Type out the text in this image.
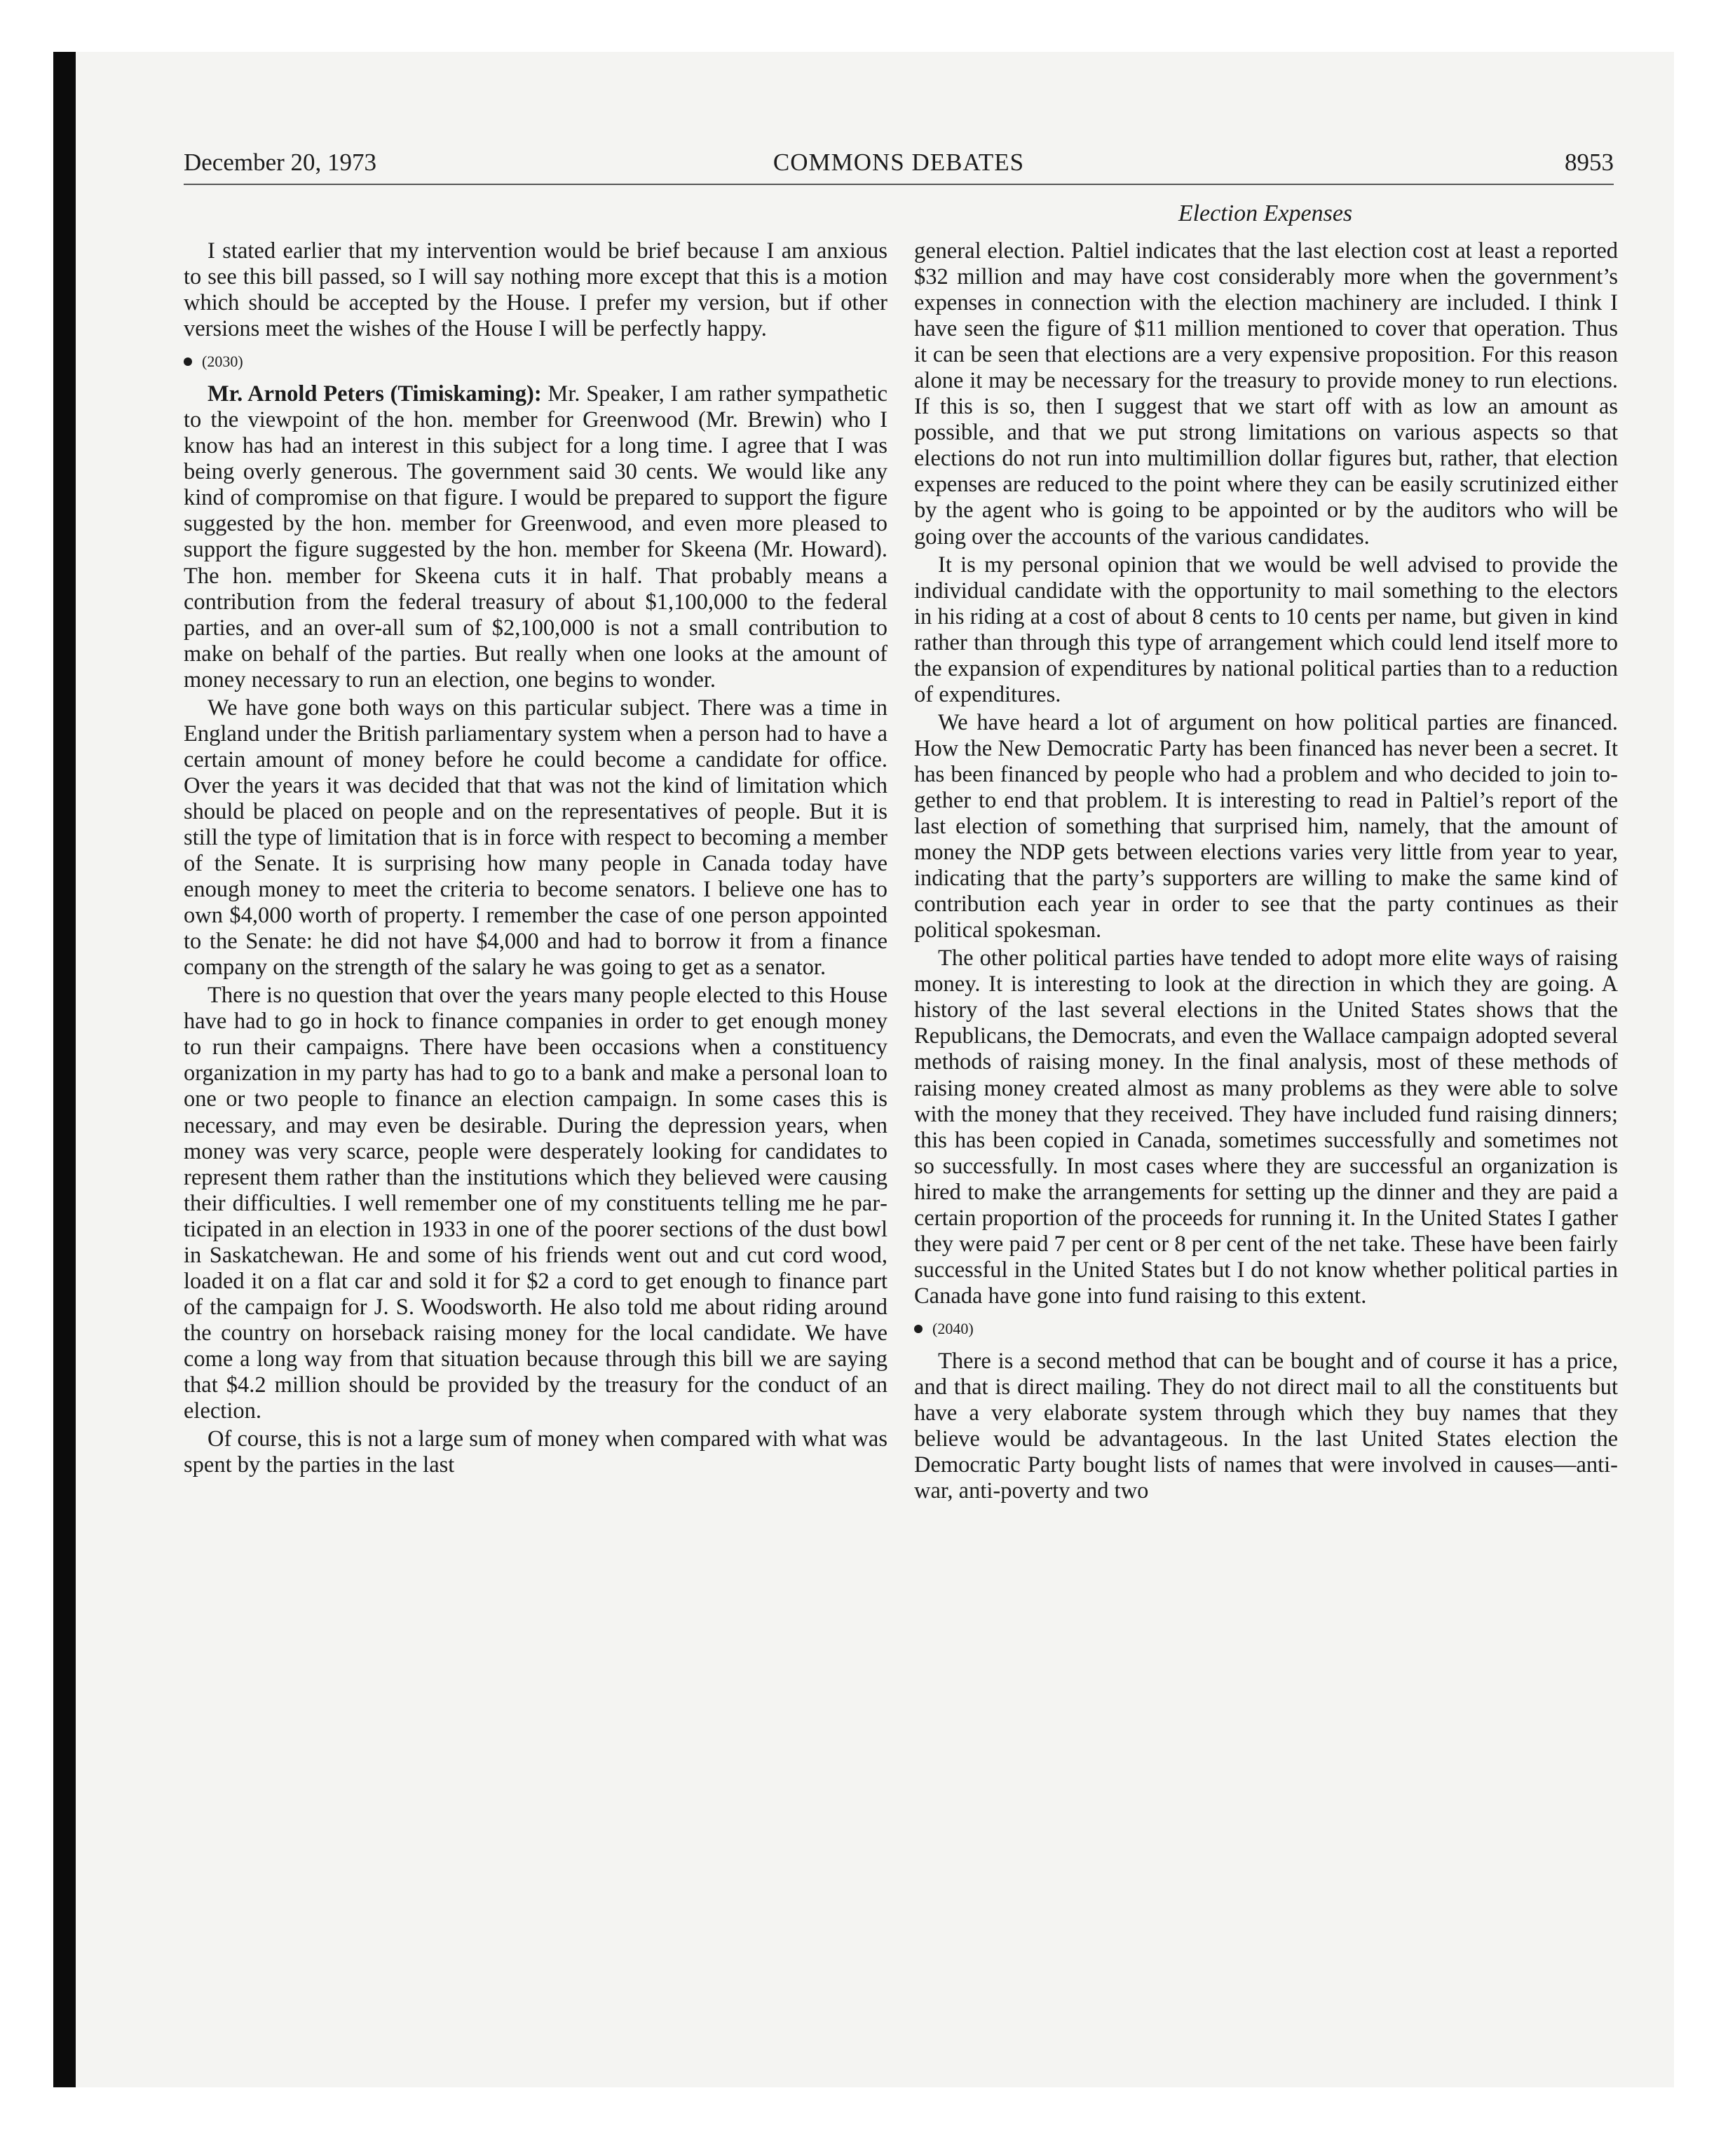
COMMONS DEBATES
December 20, 1973	8953
Election Expenses

I stated earlier that my intervention would be brief because I am anxious to see this bill passed, so I will say nothing more except that this is a motion which should be accepted by the House. I prefer my version, but if other versions meet the wishes of the House I will be perfectly happy.

(2030)

Mr. Arnold Peters (Timiskaming): Mr. Speaker, I am rather sympathetic to the viewpoint of the hon. member for Greenwood (Mr. Brewin) who I know has had an interest in this subject for a long time. I agree that I was being overly generous. The government said 30 cents. We would like any kind of compromise on that figure. I would be prepared to support the figure suggested by the hon. member for Greenwood, and even more pleased to support the figure suggested by the hon. member for Skeena (Mr. Howard). The hon. member for Skeena cuts it in half. That probably means a contribution from the federal treasury of about $1,100,000 to the federal parties, and an over-all sum of $2,100,000 is not a small contribution to make on behalf of the parties. But really when one looks at the amount of money necessary to run an election, one begins to wonder.

We have gone both ways on this particular subject. There was a time in England under the British parliamentary system when a person had to have a certain amount of money before he could become a candidate for office. Over the years it was decided that that was not the kind of limitation which should be placed on people and on the representatives of people. But it is still the type of limitation that is in force with respect to becoming a member of the Senate. It is surprising how many people in Canada today have enough money to meet the criteria to become senators. I believe one has to own $4,000 worth of property. I remember the case of one person appointed to the Senate: he did not have $4,000 and had to borrow it from a finance company on the strength of the salary he was going to get as a senator.

There is no question that over the years many people elected to this House have had to go in hock to finance companies in order to get enough money to run their campaigns. There have been occasions when a constituency organization in my party has had to go to a bank and make a personal loan to one or two people to finance an election campaign. In some cases this is necessary, and may even be desirable. During the depression years, when money was very scarce, people were desperately looking for candidates to represent them rather than the institutions which they believed were causing their difficulties. I well remember one of my constituents telling me he participated in an election in 1933 in one of the poorer sections of the dust bowl in Saskatchewan. He and some of his friends went out and cut cord wood, loaded it on a flat car and sold it for $2 a cord to get enough to finance part of the campaign for J. S. Woodsworth. He also told me about riding around the country on horseback raising money for the local candidate. We have come a long way from that situation because through this bill we are saying that $4.2 million should be provided by the treasury for the conduct of an election.

Of course, this is not a large sum of money when compared with what was spent by the parties in the last

general election. Paltiel indicates that the last election cost at least a reported $32 million and may have cost considerably more when the government’s expenses in connection with the election machinery are included. I think I have seen the figure of $11 million mentioned to cover that operation. Thus it can be seen that elections are a very expensive proposition. For this reason alone it may be necessary for the treasury to provide money to run elections. If this is so, then I suggest that we start off with as low an amount as possible, and that we put strong limitations on various aspects so that elections do not run into multimillion dollar figures but, rather, that election expenses are reduced to the point where they can be easily scrutinized either by the agent who is going to be appointed or by the auditors who will be going over the accounts of the various candidates.

It is my personal opinion that we would be well advised to provide the individual candidate with the opportunity to mail something to the electors in his riding at a cost of about 8 cents to 10 cents per name, but given in kind rather than through this type of arrangement which could lend itself more to the expansion of expenditures by national political parties than to a reduction of expenditures.

We have heard a lot of argument on how political parties are financed. How the New Democratic Party has been financed has never been a secret. It has been financed by people who had a problem and who decided to join together to end that problem. It is interesting to read in Paltiel’s report of the last election of something that surprised him, namely, that the amount of money the NDP gets between elections varies very little from year to year, indicating that the party’s supporters are willing to make the same kind of contribution each year in order to see that the party continues as their political spokesman.

The other political parties have tended to adopt more elite ways of raising money. It is interesting to look at the direction in which they are going. A history of the last several elections in the United States shows that the Republicans, the Democrats, and even the Wallace campaign adopted several methods of raising money. In the final analysis, most of these methods of raising money created almost as many problems as they were able to solve with the money that they received. They have included fund raising dinners; this has been copied in Canada, sometimes successfully and sometimes not so successfully. In most cases where they are successful an organization is hired to make the arrangements for setting up the dinner and they are paid a certain proportion of the proceeds for running it. In the United States I gather they were paid 7 per cent or 8 per cent of the net take. These have been fairly successful in the United States but I do not know whether political parties in Canada have gone into fund raising to this extent.

(2040)

There is a second method that can be bought and of course it has a price, and that is direct mailing. They do not direct mail to all the constituents but have a very elaborate system through which they buy names that they believe would be advantageous. In the last United States election the Democratic Party bought lists of names that were involved in causes—anti-war, anti-poverty and two
